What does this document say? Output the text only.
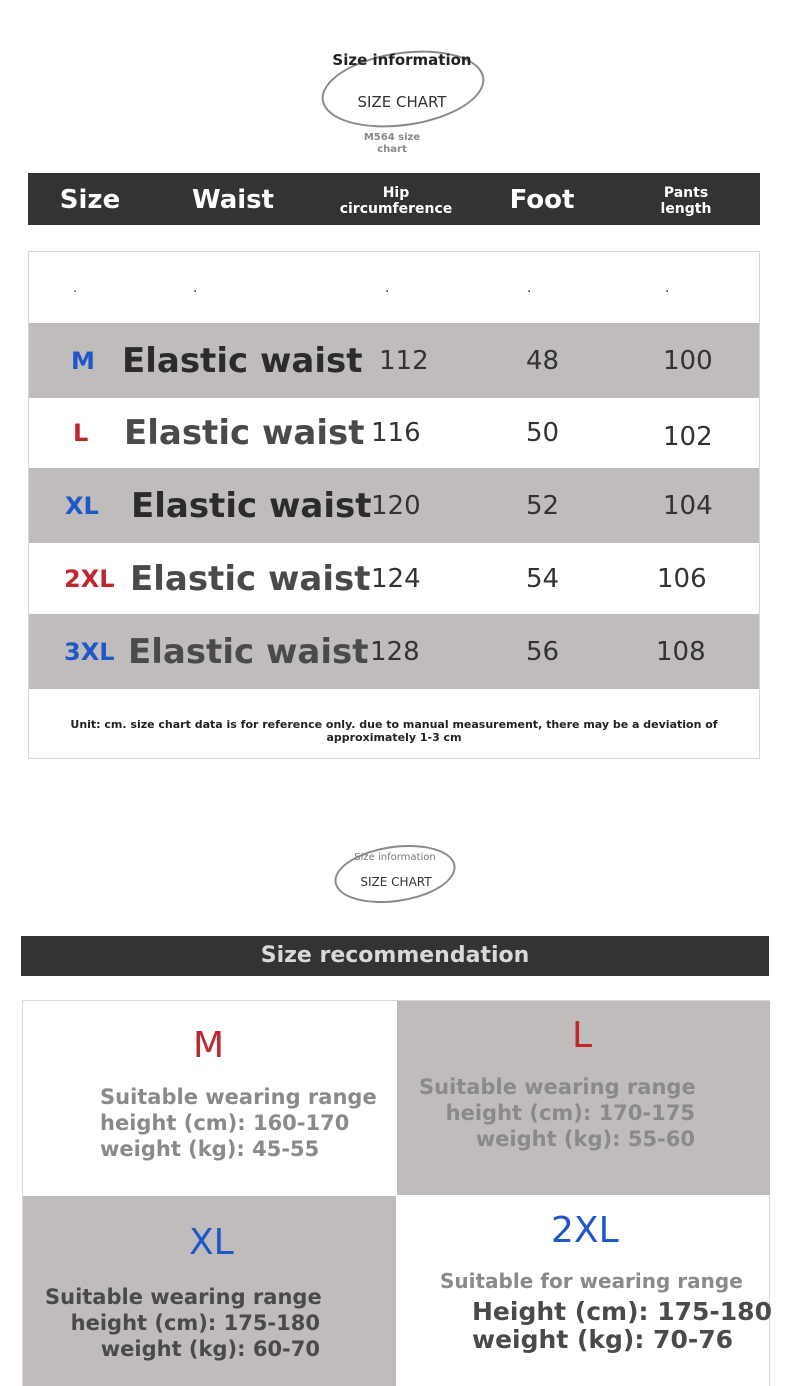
Size information
SIZE CHART
M564 size chart
Size	Waist	Hip circumference	Foot	Pants length
.	.	.	.	.
M Elastic waist 112	48	100
L Elastic waist 116	50	102
XL Elastic waist 120	52	104
2XL Elastic waist 124	54	106
3XL Elastic waist 128	56	108
Unit: cm. size chart data is for reference only. due to manual measurement, there may be a deviation of approximately 1-3 cm
Size information
SIZE CHART
Size recommendation
M
Suitable wearing range
height (cm): 160-170
weight (kg): 45-55
L
Suitable wearing range
height (cm): 170-175
weight (kg): 55-60
XL
Suitable wearing range
height (cm): 175-180
weight (kg): 60-70
2XL
Suitable for wearing range
Height (cm): 175-180
weight (kg): 70-76
